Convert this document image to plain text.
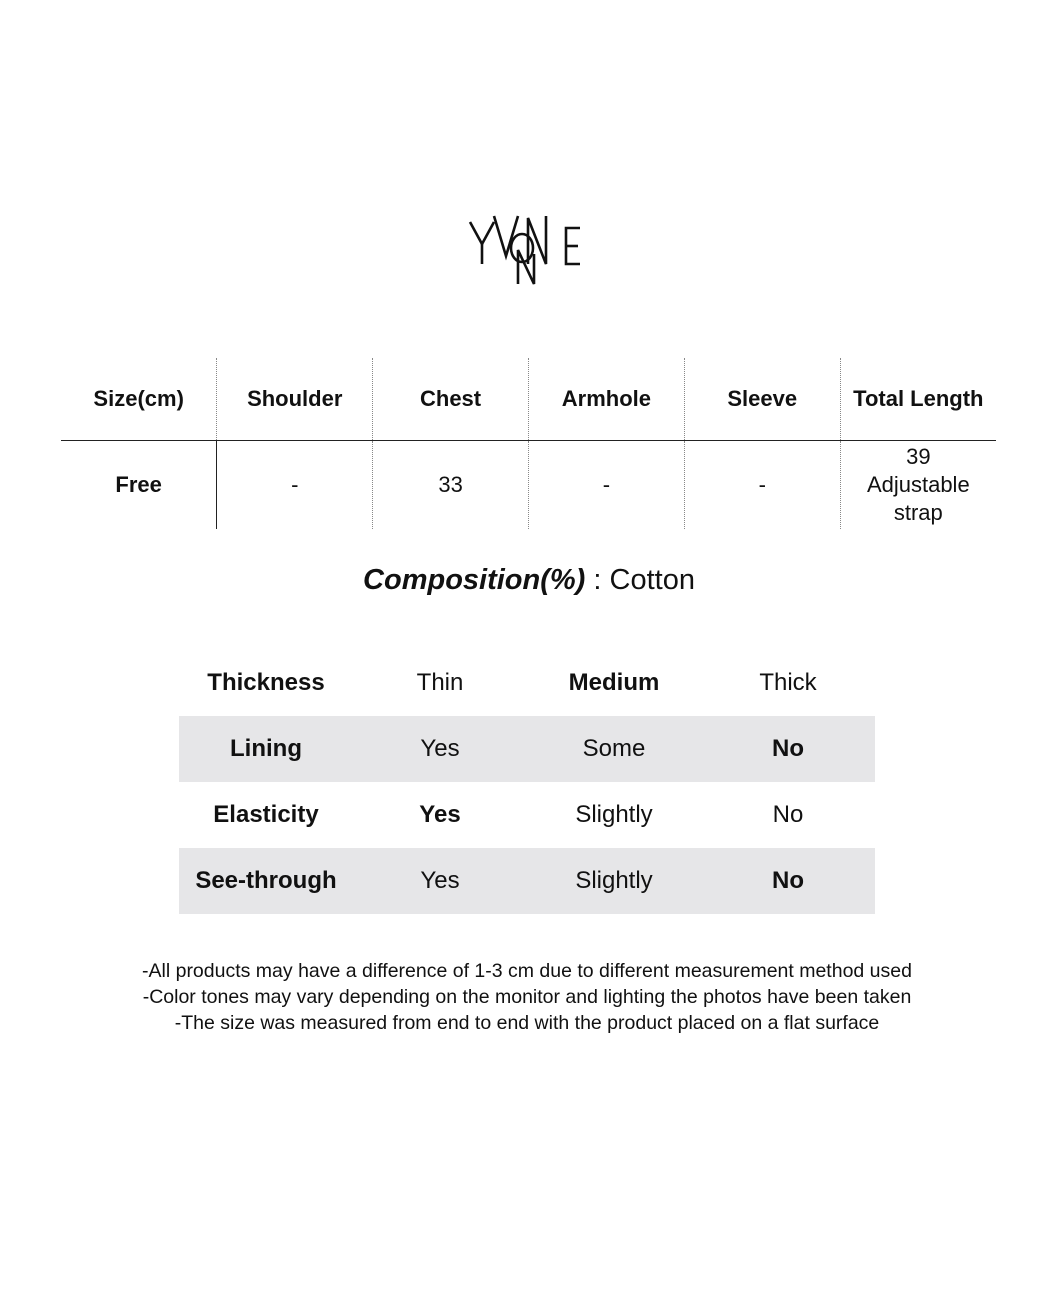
Size(cm)	Shoulder	Chest	Armhole	Sleeve	Total Length
Free	-	33	-	-	39
Adjustable
strap
Composition(%) : Cotton
Thickness	Thin	Medium	Thick
Lining	Yes	Some	No
Elasticity	Yes	Slightly	No
See-through	Yes	Slightly	No
-All products may have a difference of 1-3 cm due to different measurement method used
-Color tones may vary depending on the monitor and lighting the photos have been taken
-The size was measured from end to end with the product placed on a flat surface
